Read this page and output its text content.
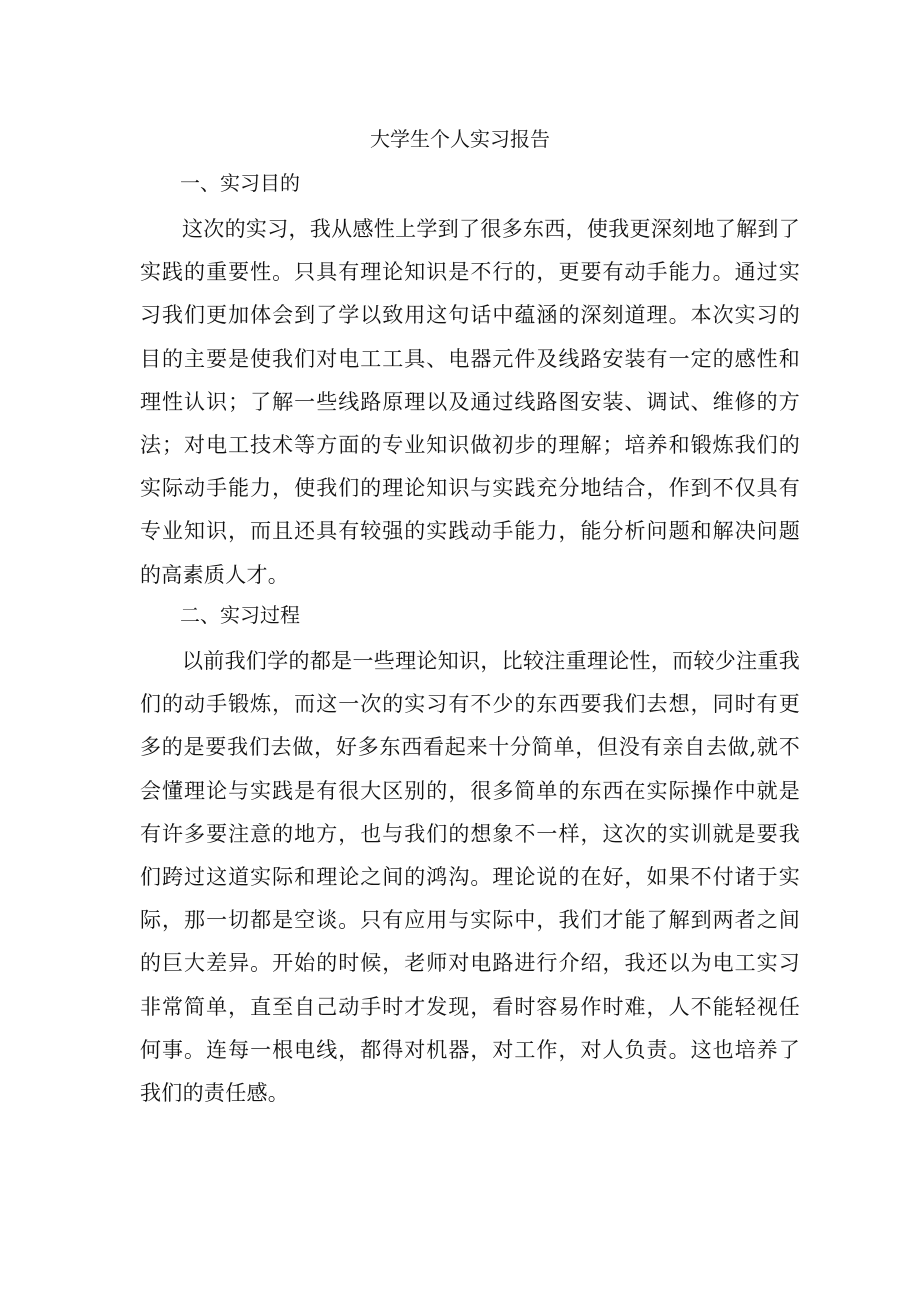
大学生个人实习报告
一、实习目的

这次的实习，我从感性上学到了很多东西，使我更深刻地了解到了实践的重要性。只具有理论知识是不行的，更要有动手能力。通过实习我们更加体会到了学以致用这句话中蕴涵的深刻道理。本次实习的目的主要是使我们对电工工具、电器元件及线路安装有一定的感性和理性认识；了解一些线路原理以及通过线路图安装、调试、维修的方法；对电工技术等方面的专业知识做初步的理解；培养和锻炼我们的实际动手能力，使我们的理论知识与实践充分地结合，作到不仅具有专业知识，而且还具有较强的实践动手能力，能分析问题和解决问题的高素质人才。

二、实习过程

以前我们学的都是一些理论知识，比较注重理论性，而较少注重我们的动手锻炼，而这一次的实习有不少的东西要我们去想，同时有更多的是要我们去做，好多东西看起来十分简单，但没有亲自去做,就不会懂理论与实践是有很大区别的，很多简单的东西在实际操作中就是有许多要注意的地方，也与我们的想象不一样，这次的实训就是要我们跨过这道实际和理论之间的鸿沟。理论说的在好，如果不付诸于实际，那一切都是空谈。只有应用与实际中，我们才能了解到两者之间的巨大差异。开始的时候，老师对电路进行介绍，我还以为电工实习非常简单，直至自己动手时才发现，看时容易作时难，人不能轻视任何事。连每一根电线，都得对机器，对工作，对人负责。这也培养了我们的责任感。
